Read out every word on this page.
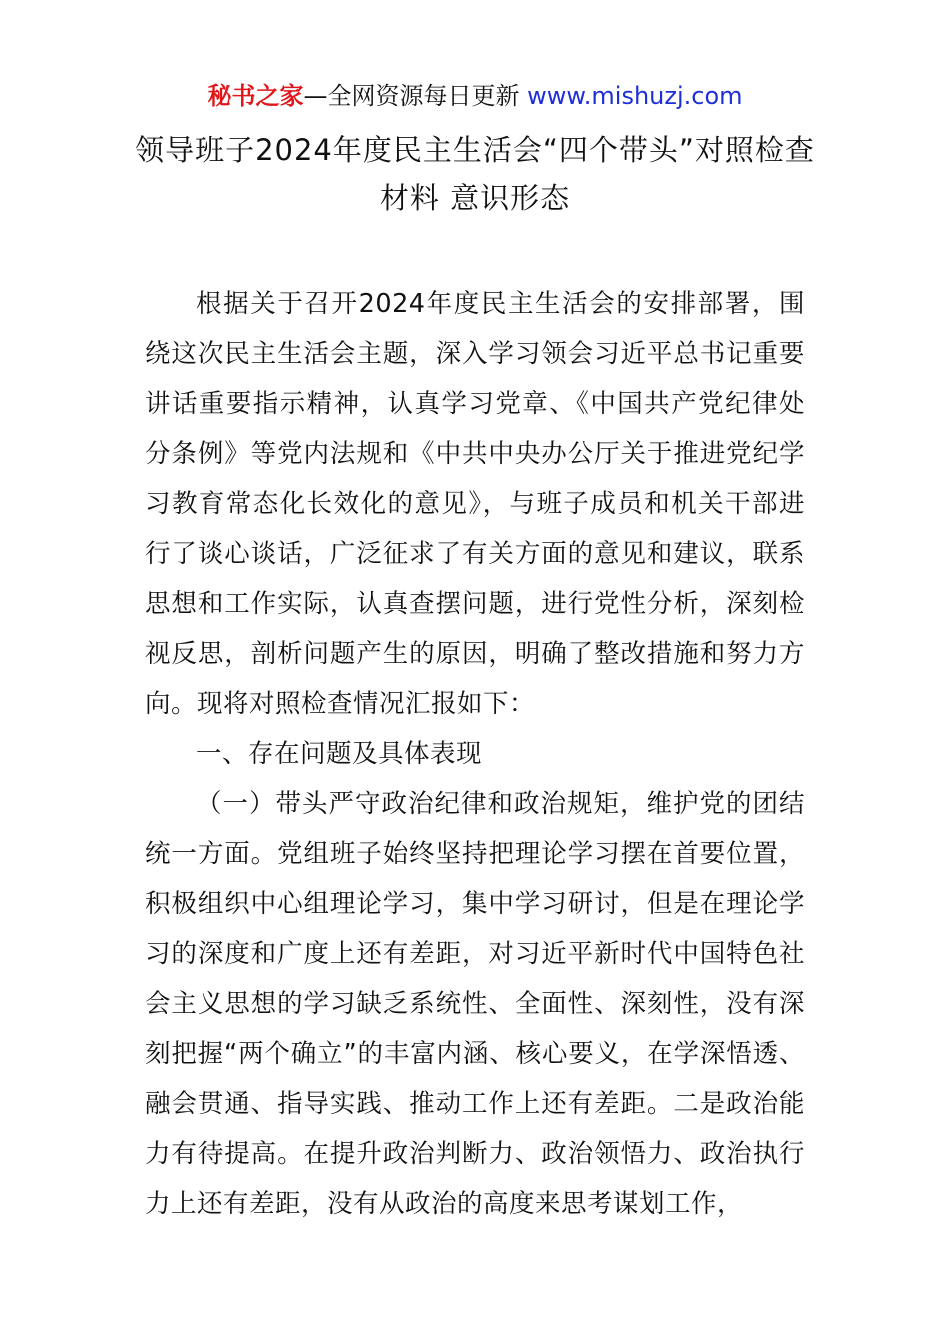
秘书之家—全网资源每日更新 www.mishuzj.com
领导班子2024年度民主生活会“四个带头”对照检查材料 意识形态

根据关于召开2024年度民主生活会的安排部署，围绕这次民主生活会主题，深入学习领会习近平总书记重要讲话重要指示精神，认真学习党章、《中国共产党纪律处分条例》等党内法规和《中共中央办公厅关于推进党纪学习教育常态化长效化的意见》，与班子成员和机关干部进行了谈心谈话，广泛征求了有关方面的意见和建议，联系思想和工作实际，认真查摆问题，进行党性分析，深刻检视反思，剖析问题产生的原因，明确了整改措施和努力方向。现将对照检查情况汇报如下：

一、存在问题及具体表现

（一）带头严守政治纪律和政治规矩，维护党的团结统一方面。党组班子始终坚持把理论学习摆在首要位置，积极组织中心组理论学习，集中学习研讨，但是在理论学习的深度和广度上还有差距，对习近平新时代中国特色社会主义思想的学习缺乏系统性、全面性、深刻性，没有深刻把握“两个确立”的丰富内涵、核心要义，在学深悟透、融会贯通、指导实践、推动工作上还有差距。二是政治能力有待提高。在提升政治判断力、政治领悟力、政治执行力上还有差距，没有从政治的高度来思考谋划工作，
